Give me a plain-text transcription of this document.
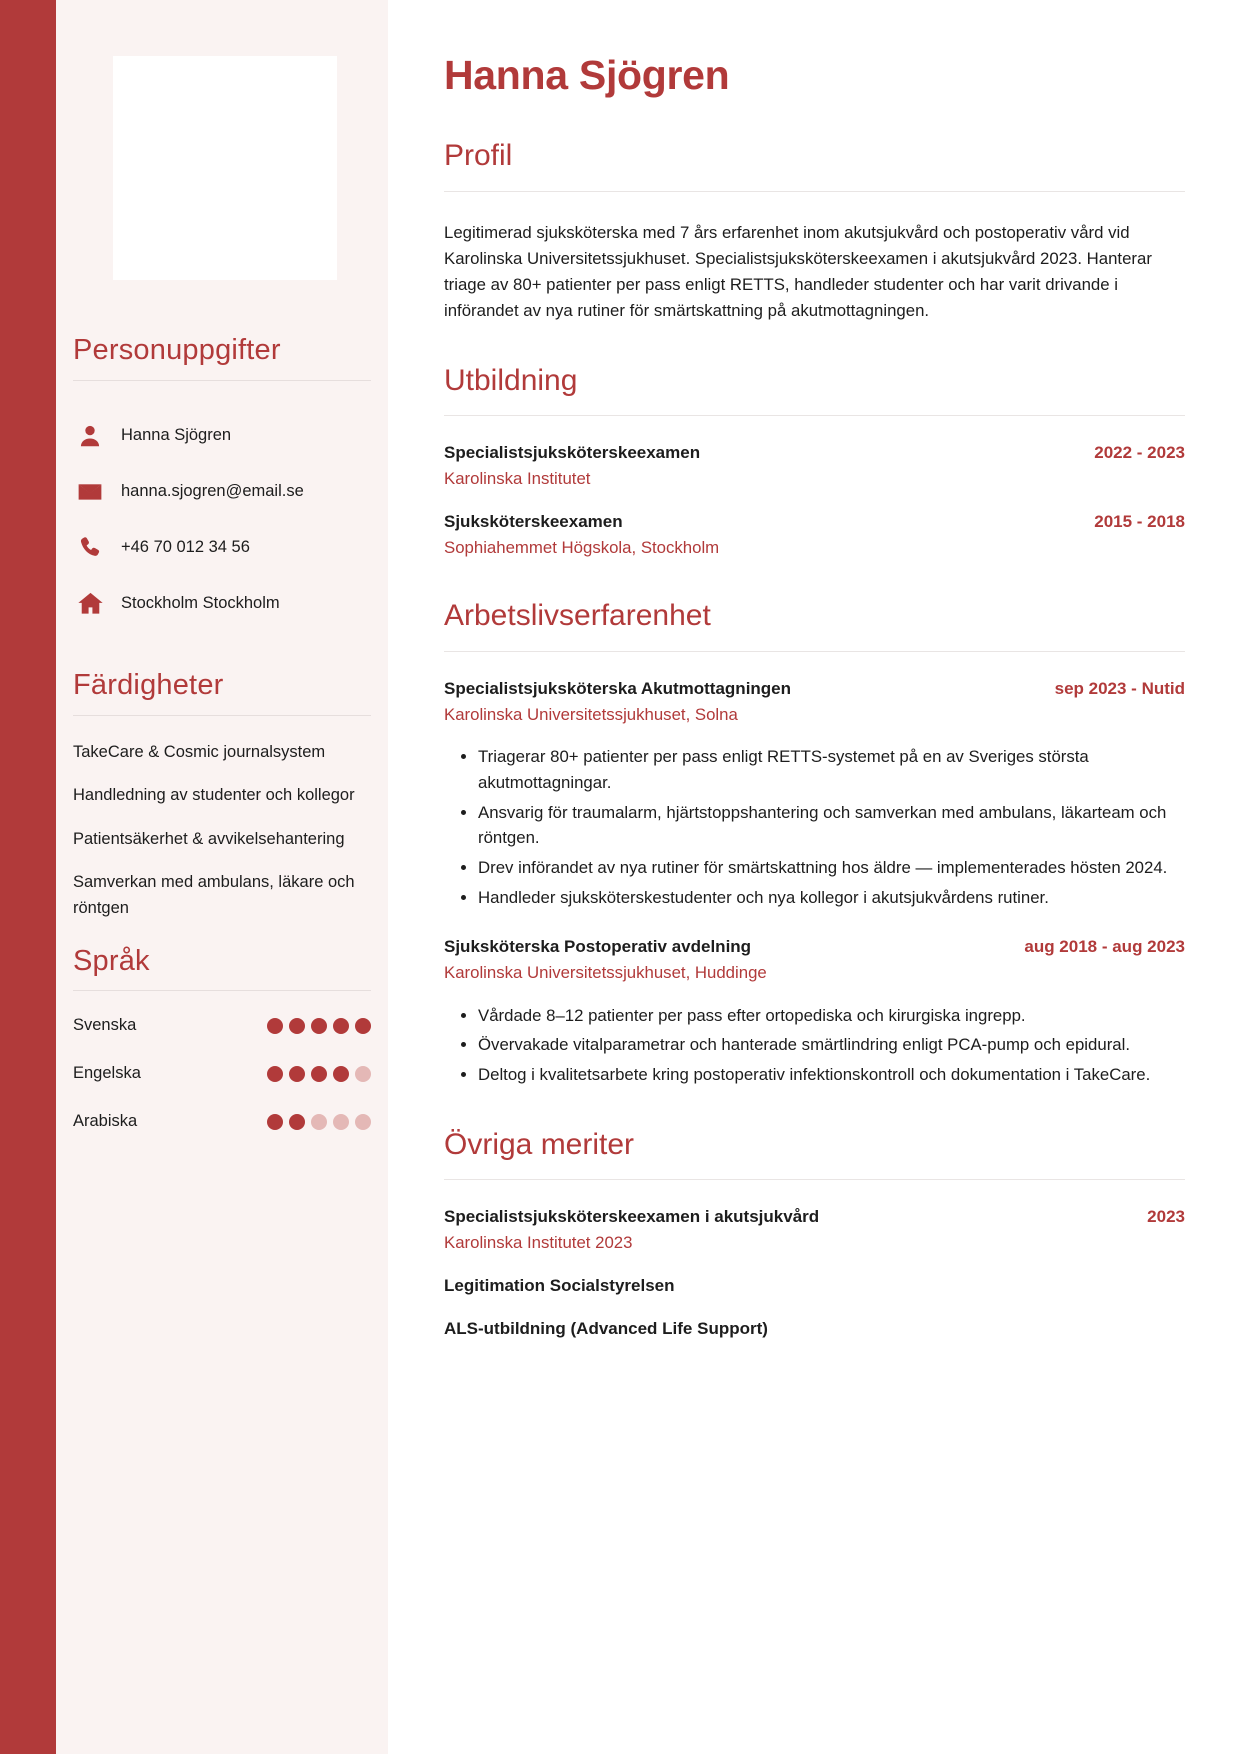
Personuppgifter
Hanna Sjögren
hanna.sjogren@email.se
+46 70 012 34 56
Stockholm Stockholm
Färdigheter
TakeCare & Cosmic journalsystem
Handledning av studenter och kollegor
Patientsäkerhet & avvikelsehantering
Samverkan med ambulans, läkare och röntgen
Språk
Svenska
Engelska
Arabiska
Hanna Sjögren
Profil

Legitimerad sjuksköterska med 7 års erfarenhet inom akutsjukvård och postoperativ vård vid Karolinska Universitetssjukhuset. Specialistsjuksköterskeexamen i akutsjukvård 2023. Hanterar triage av 80+ patienter per pass enligt RETTS, handleder studenter och har varit drivande i införandet av nya rutiner för smärtskattning på akutmottagningen.

Utbildning
Specialistsjuksköterskeexamen	2022 - 2023
Karolinska Institutet
Sjuksköterskeexamen	2015 - 2018
Sophiahemmet Högskola, Stockholm
Arbetslivserfarenhet
Specialistsjuksköterska Akutmottagningen	sep 2023 - Nutid
Karolinska Universitetssjukhuset, Solna
• Triagerar 80+ patienter per pass enligt RETTS-systemet på en av Sveriges största akutmottagningar.
• Ansvarig för traumalarm, hjärtstoppshantering och samverkan med ambulans, läkarteam och röntgen.
• Drev införandet av nya rutiner för smärtskattning hos äldre — implementerades hösten 2024.
• Handleder sjuksköterskestudenter och nya kollegor i akutsjukvårdens rutiner.
Sjuksköterska Postoperativ avdelning	aug 2018 - aug 2023
Karolinska Universitetssjukhuset, Huddinge
• Vårdade 8–12 patienter per pass efter ortopediska och kirurgiska ingrepp.
• Övervakade vitalparametrar och hanterade smärtlindring enligt PCA-pump och epidural.
• Deltog i kvalitetsarbete kring postoperativ infektionskontroll och dokumentation i TakeCare.
Övriga meriter
Specialistsjuksköterskeexamen i akutsjukvård	2023
Karolinska Institutet 2023
Legitimation Socialstyrelsen
ALS-utbildning (Advanced Life Support)
